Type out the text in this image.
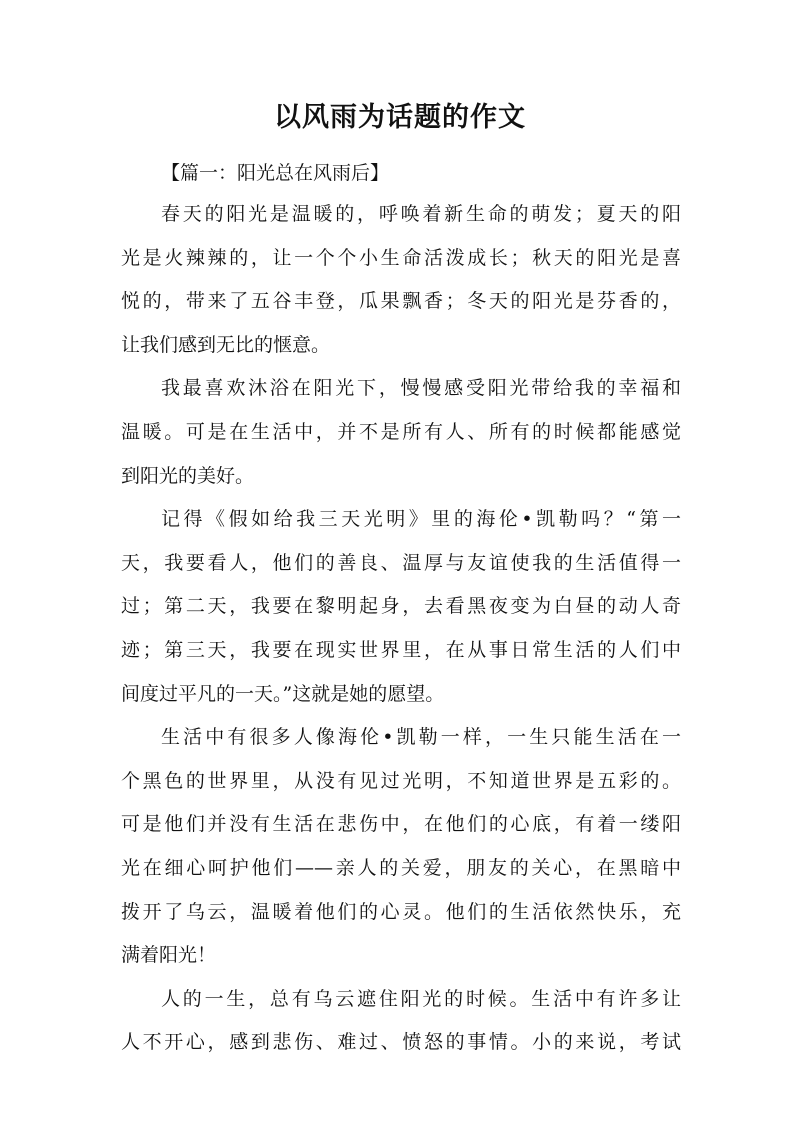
以风雨为话题的作文

【篇一：阳光总在风雨后】

春天的阳光是温暖的，呼唤着新生命的萌发；夏天的阳
光是火辣辣的，让一个个小生命活泼成长；秋天的阳光是喜
悦的，带来了五谷丰登，瓜果飘香；冬天的阳光是芬香的，
让我们感到无比的惬意。

我最喜欢沐浴在阳光下，慢慢感受阳光带给我的幸福和
温暖。可是在生活中，并不是所有人、所有的时候都能感觉
到阳光的美好。

记得《假如给我三天光明》里的海伦•凯勒吗？“第一
天，我要看人，他们的善良、温厚与友谊使我的生活值得一
过；第二天，我要在黎明起身，去看黑夜变为白昼的动人奇
迹；第三天，我要在现实世界里，在从事日常生活的人们中
间度过平凡的一天。”这就是她的愿望。

生活中有很多人像海伦•凯勒一样，一生只能生活在一
个黑色的世界里，从没有见过光明，不知道世界是五彩的。
可是他们并没有生活在悲伤中，在他们的心底，有着一缕阳
光在细心呵护他们——亲人的关爱，朋友的关心，在黑暗中
拨开了乌云，温暖着他们的心灵。他们的生活依然快乐，充
满着阳光！

人的一生，总有乌云遮住阳光的时候。生活中有许多让
人不开心，感到悲伤、难过、愤怒的事情。小的来说，考试
